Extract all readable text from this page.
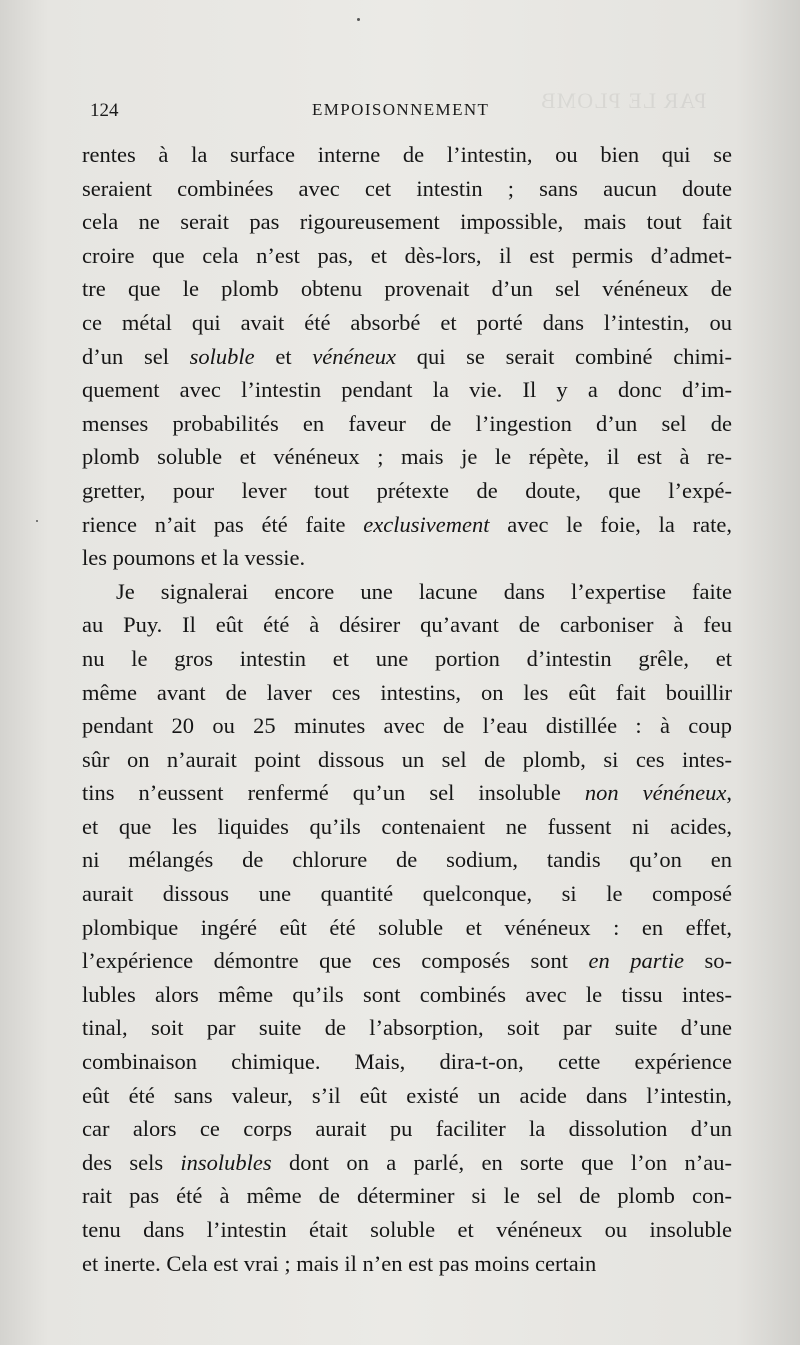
PAR LE PLOMB
124	EMPOISONNEMENT
rentes à la surface interne de l’intestin, ou bien qui se
seraient combinées avec cet intestin ; sans aucun doute
cela ne serait pas rigoureusement impossible, mais tout fait
croire que cela n’est pas, et dès-lors, il est permis d’admet-
tre que le plomb obtenu provenait d’un sel vénéneux de
ce métal qui avait été absorbé et porté dans l’intestin, ou
d’un sel soluble et vénéneux qui se serait combiné chimi-
quement avec l’intestin pendant la vie. Il y a donc d’im-
menses probabilités en faveur de l’ingestion d’un sel de
plomb soluble et vénéneux ; mais je le répète, il est à re-
gretter, pour lever tout prétexte de doute, que l’expé-
rience n’ait pas été faite exclusivement avec le foie, la rate,
les poumons et la vessie.
Je signalerai encore une lacune dans l’expertise faite
au Puy. Il eût été à désirer qu’avant de carboniser à feu
nu le gros intestin et une portion d’intestin grêle, et
même avant de laver ces intestins, on les eût fait bouillir
pendant 20 ou 25 minutes avec de l’eau distillée : à coup
sûr on n’aurait point dissous un sel de plomb, si ces intes-
tins n’eussent renfermé qu’un sel insoluble non vénéneux,
et que les liquides qu’ils contenaient ne fussent ni acides,
ni mélangés de chlorure de sodium, tandis qu’on en
aurait dissous une quantité quelconque, si le composé
plombique ingéré eût été soluble et vénéneux : en effet,
l’expérience démontre que ces composés sont en partie so-
lubles alors même qu’ils sont combinés avec le tissu intes-
tinal, soit par suite de l’absorption, soit par suite d’une
combinaison chimique. Mais, dira-t-on, cette expérience
eût été sans valeur, s’il eût existé un acide dans l’intestin,
car alors ce corps aurait pu faciliter la dissolution d’un
des sels insolubles dont on a parlé, en sorte que l’on n’au-
rait pas été à même de déterminer si le sel de plomb con-
tenu dans l’intestin était soluble et vénéneux ou insoluble
et inerte. Cela est vrai ; mais il n’en est pas moins certain
